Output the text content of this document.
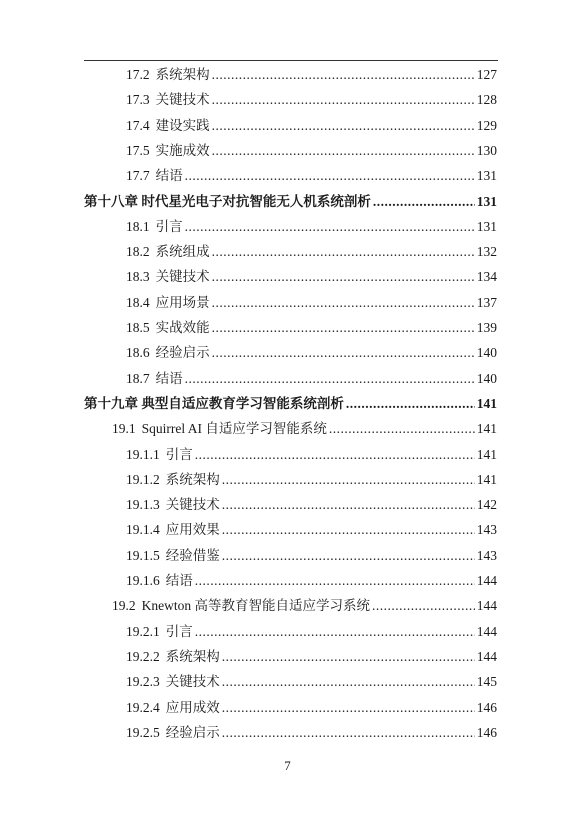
17.2 系统架构 .....	127
17.3 关键技术 .....	128
17.4 建设实践 .....	129
17.5 实施成效 .....	130
17.7 结语 .....	131
第十八章 时代星光电子对抗智能无人机系统剖析 .....	131
18.1 引言 .....	131
18.2 系统组成 .....	132
18.3 关键技术 .....	134
18.4 应用场景 .....	137
18.5 实战效能 .....	139
18.6 经验启示 .....	140
18.7 结语 .....	140
第十九章 典型自适应教育学习智能系统剖析 .....	141
19.1 Squirrel AI 自适应学习智能系统 .....	141
19.1.1 引言 .....	141
19.1.2 系统架构 .....	141
19.1.3 关键技术 .....	142
19.1.4 应用效果 .....	143
19.1.5 经验借鉴 .....	143
19.1.6 结语 .....	144
19.2 Knewton 高等教育智能自适应学习系统 .....	144
19.2.1 引言 .....	144
19.2.2 系统架构 .....	144
19.2.3 关键技术 .....	145
19.2.4 应用成效 .....	146
19.2.5 经验启示 .....	146
7
